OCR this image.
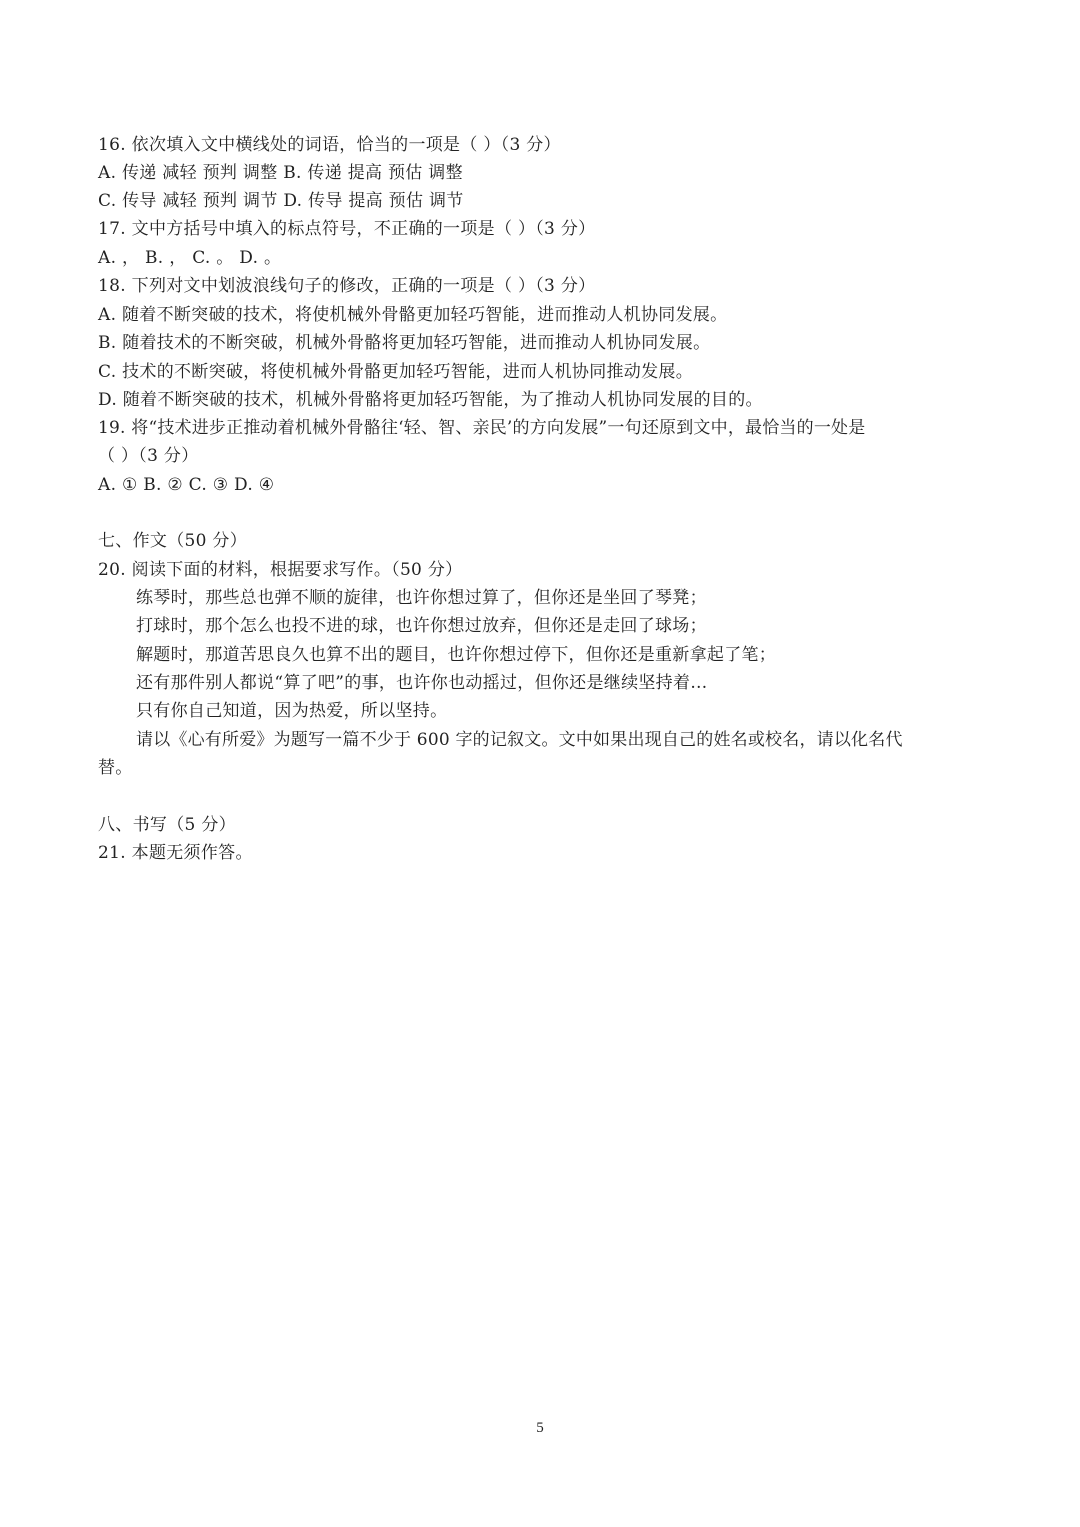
16. 依次填入文中横线处的词语，恰当的一项是（ ）（3 分）
A. 传递 减轻 预判 调整 B. 传递 提高 预估 调整
C. 传导 减轻 预判 调节 D. 传导 提高 预估 调节
17. 文中方括号中填入的标点符号，不正确的一项是（ ）（3 分）
A. ， B. ， C. 。 D. 。
18. 下列对文中划波浪线句子的修改，正确的一项是（ ）（3 分）
A. 随着不断突破的技术，将使机械外骨骼更加轻巧智能，进而推动人机协同发展。
B. 随着技术的不断突破，机械外骨骼将更加轻巧智能，进而推动人机协同发展。
C. 技术的不断突破，将使机械外骨骼更加轻巧智能，进而人机协同推动发展。
D. 随着不断突破的技术，机械外骨骼将更加轻巧智能，为了推动人机协同发展的目的。
19. 将“技术进步正推动着机械外骨骼往‘轻、智、亲民’的方向发展”一句还原到文中，最恰当的一处是
（ ）（3 分）
A. ① B. ② C. ③ D. ④
七、作文（50 分）
20. 阅读下面的材料，根据要求写作。（50 分）
练琴时，那些总也弹不顺的旋律，也许你想过算了，但你还是坐回了琴凳；
打球时，那个怎么也投不进的球，也许你想过放弃，但你还是走回了球场；
解题时，那道苦思良久也算不出的题目，也许你想过停下，但你还是重新拿起了笔；
还有那件别人都说“算了吧”的事，也许你也动摇过，但你还是继续坚持着…
只有你自己知道，因为热爱，所以坚持。
请以《心有所爱》为题写一篇不少于 600 字的记叙文。文中如果出现自己的姓名或校名，请以化名代
替。
八、书写（5 分）
21. 本题无须作答。
5
